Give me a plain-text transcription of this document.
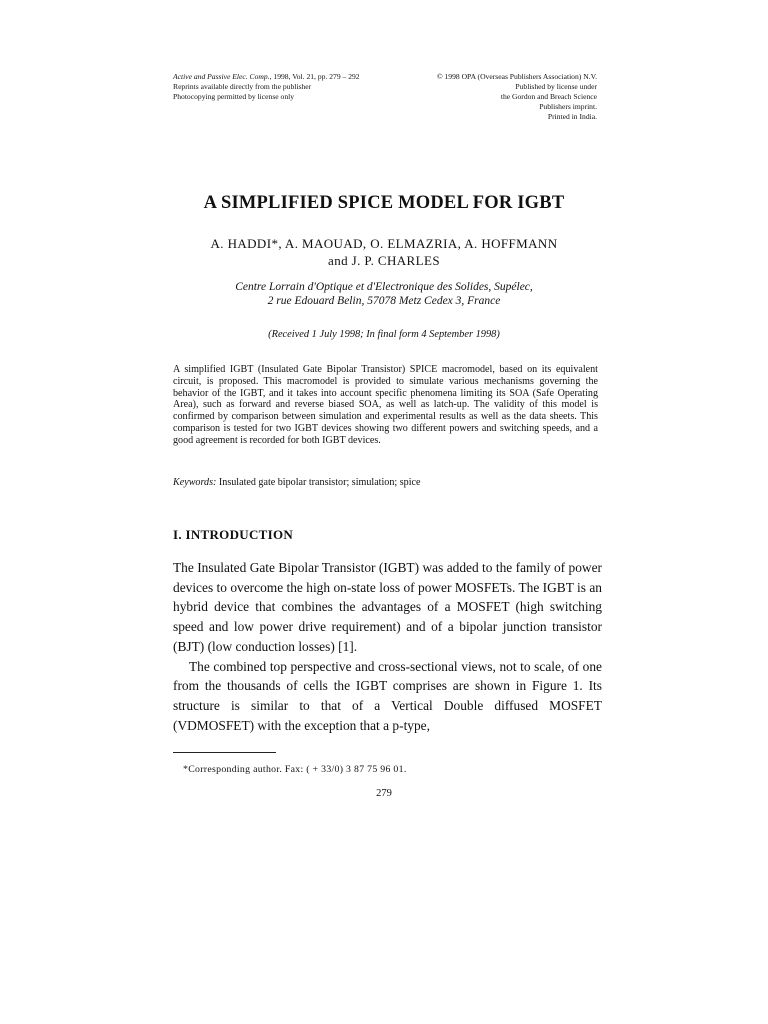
Active and Passive Elec. Comp., 1998, Vol. 21, pp. 279 – 292	© 1998 OPA (Overseas Publishers Association) N.V.
Reprints available directly from the publisher	Published by license under
Photocopying permitted by license only	the Gordon and Breach Science
Publishers imprint.
Printed in India.
A SIMPLIFIED SPICE MODEL FOR IGBT
A. HADDI*, A. MAOUAD, O. ELMAZRIA, A. HOFFMANN
and J. P. CHARLES
Centre Lorrain d'Optique et d'Electronique des Solides, Supélec,
2 rue Edouard Belin, 57078 Metz Cedex 3, France
(Received 1 July 1998; In final form 4 September 1998)
A simplified IGBT (Insulated Gate Bipolar Transistor) SPICE macromodel, based on its equivalent circuit, is proposed. This macromodel is provided to simulate various mechanisms governing the behavior of the IGBT, and it takes into account specific phenomena limiting its SOA (Safe Operating Area), such as forward and reverse biased SOA, as well as latch-up. The validity of this model is confirmed by comparison between simulation and experimental results as well as the data sheets. This comparison is tested for two IGBT devices showing two different powers and switching speeds, and a good agreement is recorded for both IGBT devices.
Keywords: Insulated gate bipolar transistor; simulation; spice
I. INTRODUCTION

The Insulated Gate Bipolar Transistor (IGBT) was added to the family of power devices to overcome the high on-state loss of power MOSFETs. The IGBT is an hybrid device that combines the advantages of a MOSFET (high switching speed and low power drive requirement) and of a bipolar junction transistor (BJT) (low conduction losses) [1].

The combined top perspective and cross-sectional views, not to scale, of one from the thousands of cells the IGBT comprises are shown in Figure 1. Its structure is similar to that of a Vertical Double diffused MOSFET (VDMOSFET) with the exception that a p-type,

*Corresponding author. Fax: ( + 33/0) 3 87 75 96 01.
279
